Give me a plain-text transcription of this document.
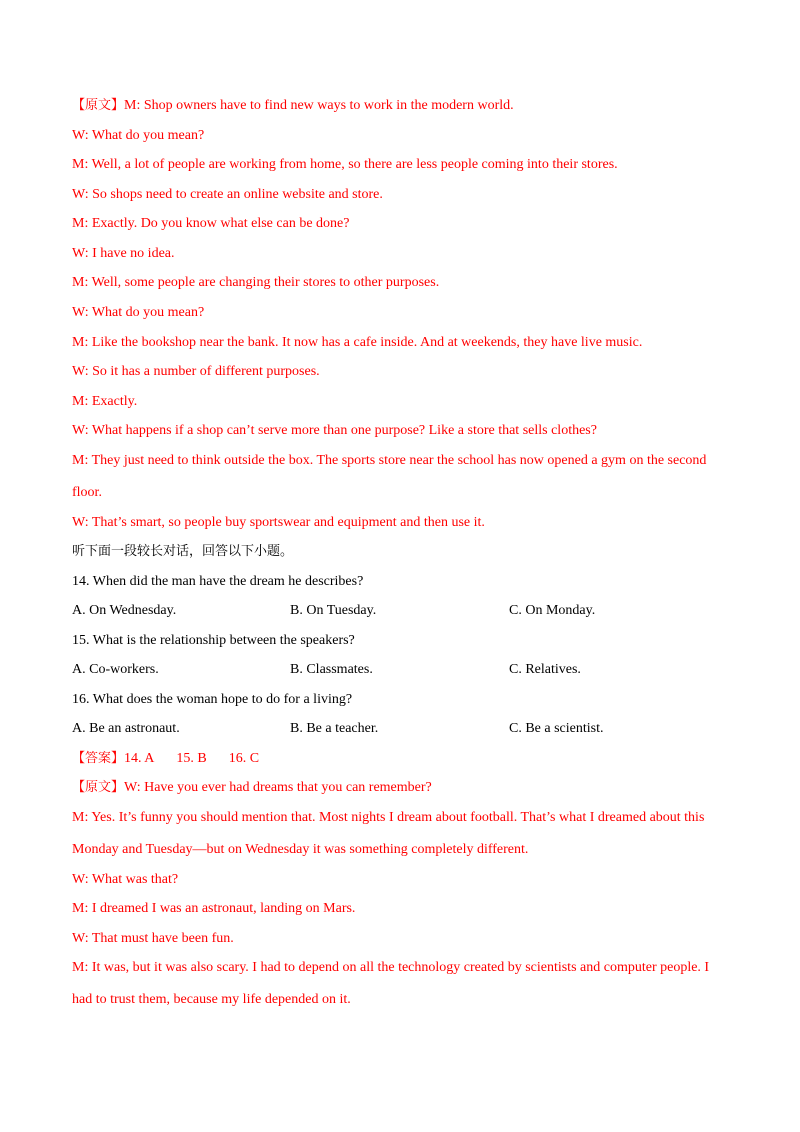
【原文】M: Shop owners have to find new ways to work in the modern world.
W: What do you mean?
M: Well, a lot of people are working from home, so there are less people coming into their stores.
W: So shops need to create an online website and store.
M: Exactly. Do you know what else can be done?
W: I have no idea.
M: Well, some people are changing their stores to other purposes.
W: What do you mean?
M: Like the bookshop near the bank. It now has a cafe inside. And at weekends, they have live music.
W: So it has a number of different purposes.
M: Exactly.
W: What happens if a shop can’t serve more than one purpose? Like a store that sells clothes?
M: They just need to think outside the box. The sports store near the school has now opened a gym on the second
floor.
W: That’s smart, so people buy sportswear and equipment and then use it.
听下面一段较长对话，回答以下小题。
14. When did the man have the dream he describes?
A. On Wednesday.	B. On Tuesday.	C. On Monday.
15. What is the relationship between the speakers?
A. Co-workers.	B. Classmates.	C. Relatives.
16. What does the woman hope to do for a living?
A. Be an astronaut.	B. Be a teacher.	C. Be a scientist.
【答案】14. A 15. B 16. C
【原文】W: Have you ever had dreams that you can remember?
M: Yes. It’s funny you should mention that. Most nights I dream about football. That’s what I dreamed about this
Monday and Tuesday—but on Wednesday it was something completely different.
W: What was that?
M: I dreamed I was an astronaut, landing on Mars.
W: That must have been fun.
M: It was, but it was also scary. I had to depend on all the technology created by scientists and computer people. I
had to trust them, because my life depended on it.
